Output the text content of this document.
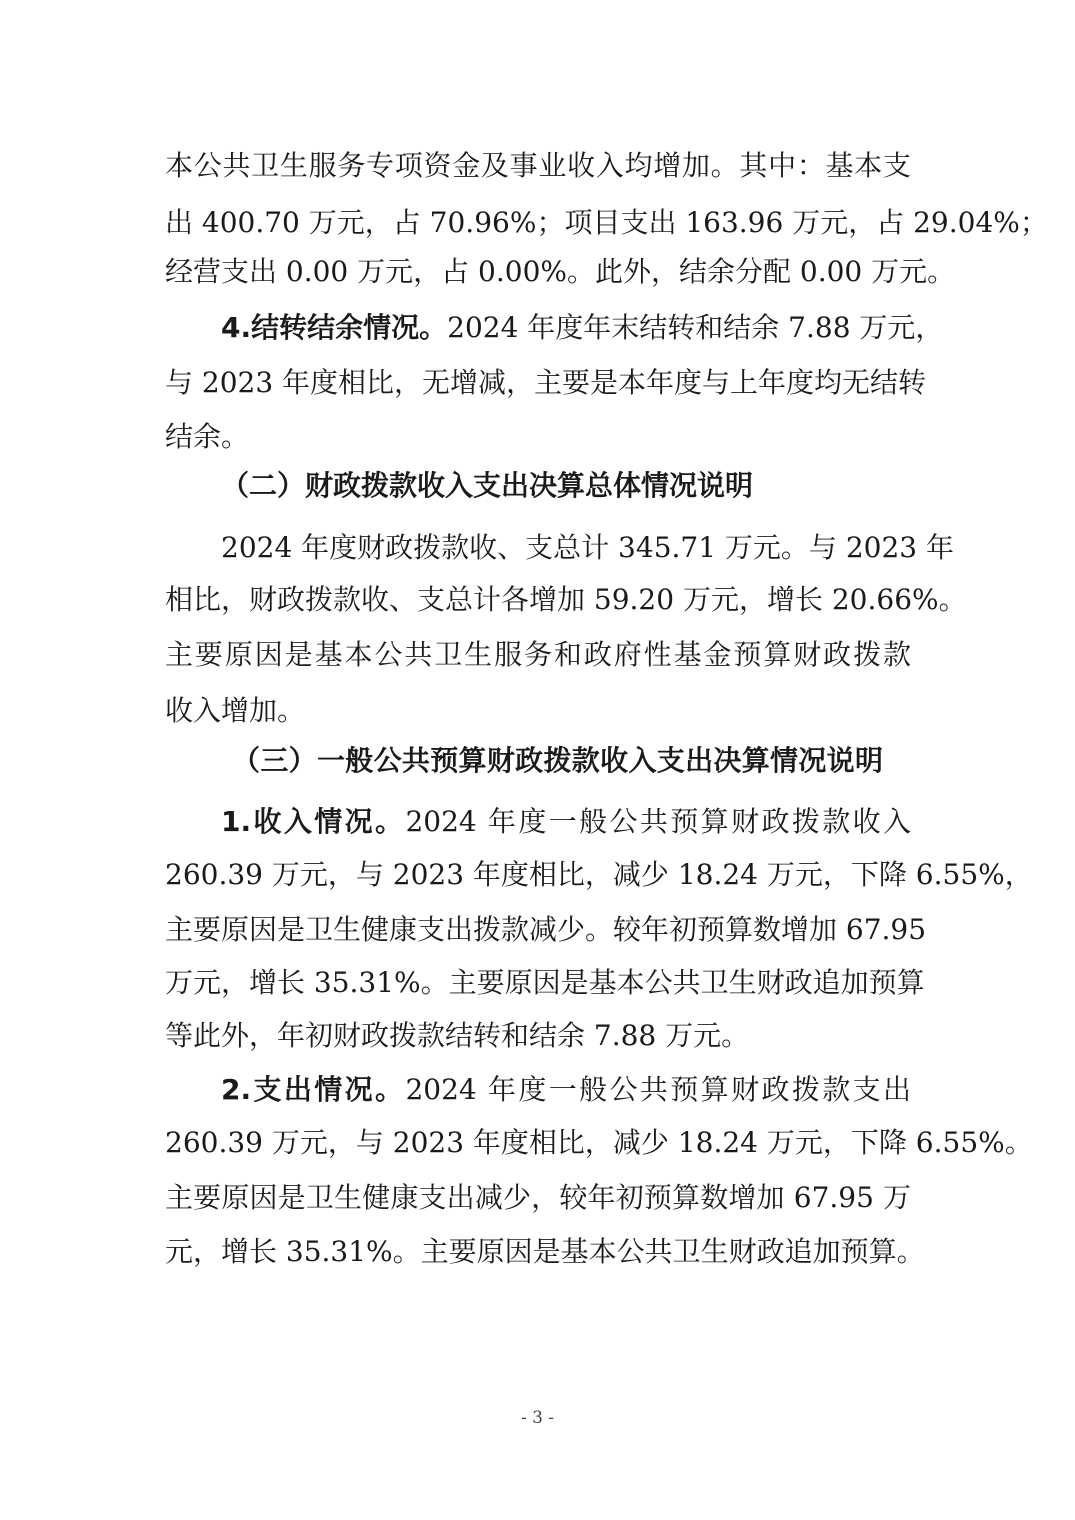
本公共卫生服务专项资金及事业收入均增加。其中：基本支
出 400.70 万元，占 70.96%；项目支出 163.96 万元，占 29.04%；
经营支出 0.00 万元，占 0.00%。此外，结余分配 0.00 万元。
4.结转结余情况。2024 年度年末结转和结余 7.88 万元，
与 2023 年度相比，无增减，主要是本年度与上年度均无结转
结余。
（二）财政拨款收入支出决算总体情况说明
2024 年度财政拨款收、支总计 345.71 万元。与 2023 年
相比，财政拨款收、支总计各增加 59.20 万元，增长 20.66%。
主要原因是基本公共卫生服务和政府性基金预算财政拨款
收入增加。
（三）一般公共预算财政拨款收入支出决算情况说明
1.收入情况。2024 年度一般公共预算财政拨款收入
260.39 万元，与 2023 年度相比，减少 18.24 万元，下降 6.55%，
主要原因是卫生健康支出拨款减少。较年初预算数增加 67.95
万元，增长 35.31%。主要原因是基本公共卫生财政追加预算
等此外，年初财政拨款结转和结余 7.88 万元。
2.支出情况。2024 年度一般公共预算财政拨款支出
260.39 万元，与 2023 年度相比，减少 18.24 万元，下降 6.55%。
主要原因是卫生健康支出减少，较年初预算数增加 67.95 万
元，增长 35.31%。主要原因是基本公共卫生财政追加预算。
- 3 -
